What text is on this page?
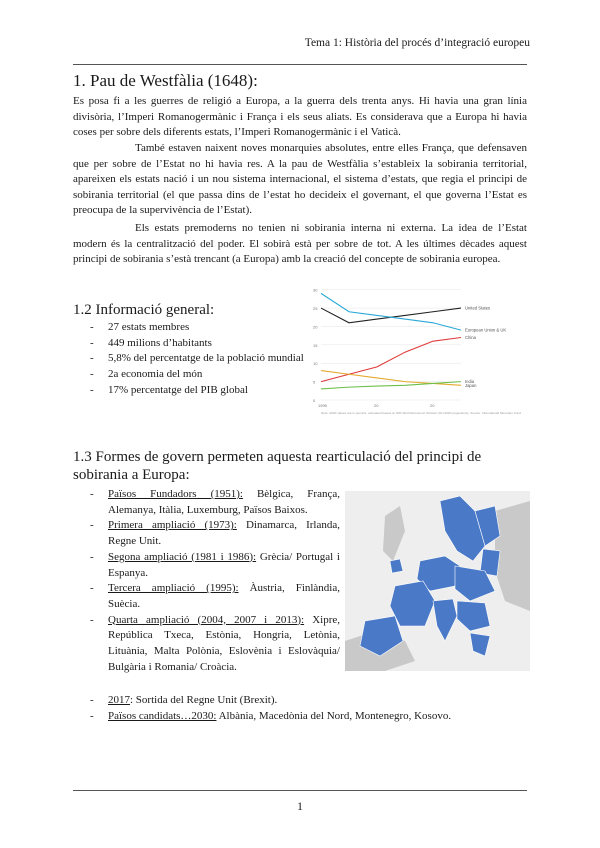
Tema 1: Història del procés d’integració europeu
1. Pau de Westfàlia (1648):

Es posa fi a les guerres de religió a Europa, a la guerra dels trenta anys. Hi havia una gran línia divisòria, l’Imperi Romanogermànic i França i els seus aliats. Es considerava que a Europa hi havia coses per sobre dels diferents estats, l’Imperi Romanogermànic i el Vaticà.

També estaven naixent noves monarquies absolutes, entre elles França, que defensaven que per sobre de l’Estat no hi havia res. A la pau de Westfàlia s’estableix la sobirania territorial, apareixen els estats nació i un nou sistema internacional, el sistema d’estats, que regia el principi de sobirania territorial (el que passa dins de l’estat ho decideix el governant, el que governa l’Estat es preocupa de la supervivència de l’Estat).

Els estats premoderns no tenien ni sobirania interna ni externa. La idea de l’Estat modern és la centralització del poder. El sobirà està per sobre de tot. A les últimes dècades aquest principi de sobirania s’està trencant (a Europa) amb la creació del concepte de sobirania europea.

1.2 Informació general:
- 27 estats membres
- 449 milions d’habitants
- 5,8% del percentatge de la població mundial
- 2a economia del món
- 17% percentatge del PIB global
0
5
10
15
20
25
30
1995	20	20
United States
European Union & UK
China
Japan
India
Note: 2020 values are in percent, estimated based on IMF World Economic Outlook (Oct 2020 projections). Source: International Monetary Fund
1.3 Formes de govern permeten aquesta rearticulació del principi de sobirania a Europa:
- Països Fundadors (1951): Bèlgica, França, Alemanya, Itàlia, Luxemburg, Països Baixos.
- Primera ampliació (1973): Dinamarca, Irlanda, Regne Unit.
- Segona ampliació (1981 i 1986): Grècia/ Portugal i Espanya.
- Tercera ampliació (1995): Àustria, Finlàndia, Suècia.
- Quarta ampliació (2004, 2007 i 2013): Xipre, República Txeca, Estònia, Hongria, Letònia, Lituània, Malta Polònia, Eslovènia i Eslovàquia/ Bulgària i Romania/ Croàcia.
- 2017: Sortida del Regne Unit (Brexit).
- Països candidats…2030: Albània, Macedònia del Nord, Montenegro, Kosovo.
1
